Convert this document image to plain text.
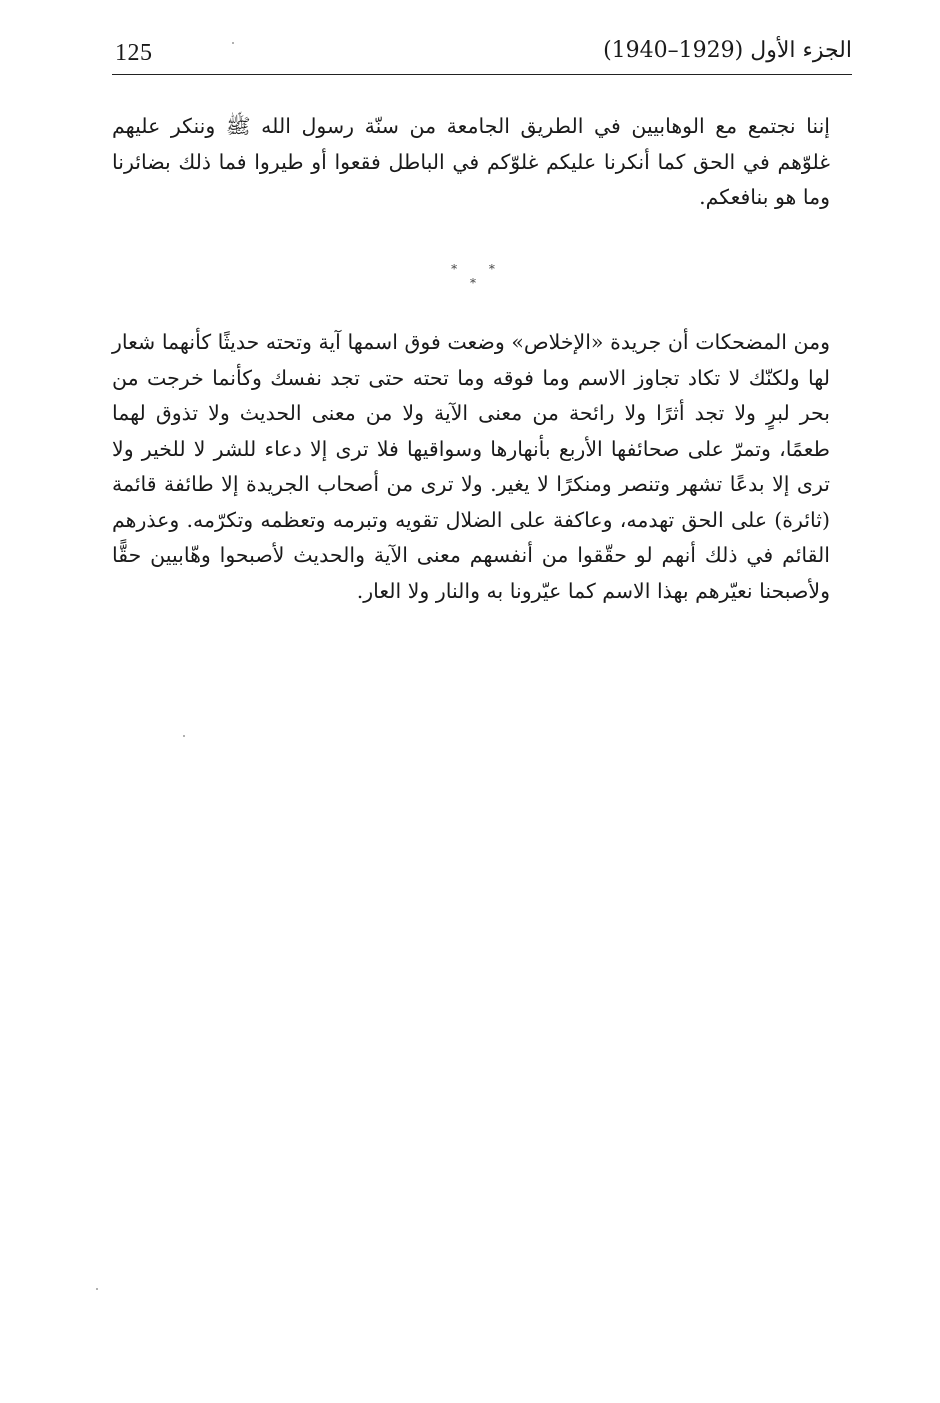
125	الجزء الأول (1929–1940)

إننا نجتمع مع الوهابيين في الطريق الجامعة من سنّة رسول الله ﷺ وننكر عليهم غلوّهم في الحق كما أنكرنا عليكم غلوّكم في الباطل فقعوا أو طيروا فما ذلك بضائرنا وما هو بنافعكم.

* * *

ومن المضحكات أن جريدة «الإخلاص» وضعت فوق اسمها آية وتحته حديثًا كأنهما شعار لها ولكنّك لا تكاد تجاوز الاسم وما فوقه وما تحته حتى تجد نفسك وكأنما خرجت من بحر لبرٍ ولا تجد أثرًا ولا رائحة من معنى الآية ولا من معنى الحديث ولا تذوق لهما طعمًا، وتمرّ على صحائفها الأربع بأنهارها وسواقيها فلا ترى إلا دعاء للشر لا للخير ولا ترى إلا بدعًا تشهر وتنصر ومنكرًا لا يغير. ولا ترى من أصحاب الجريدة إلا طائفة قائمة (ثائرة) على الحق تهدمه، وعاكفة على الضلال تقويه وتبرمه وتعظمه وتكرّمه. وعذرهم القائم في ذلك أنهم لو حقّقوا من أنفسهم معنى الآية والحديث لأصبحوا وهّابيين حقًّا ولأصبحنا نعيّرهم بهذا الاسم كما عيّرونا به والنار ولا العار.
